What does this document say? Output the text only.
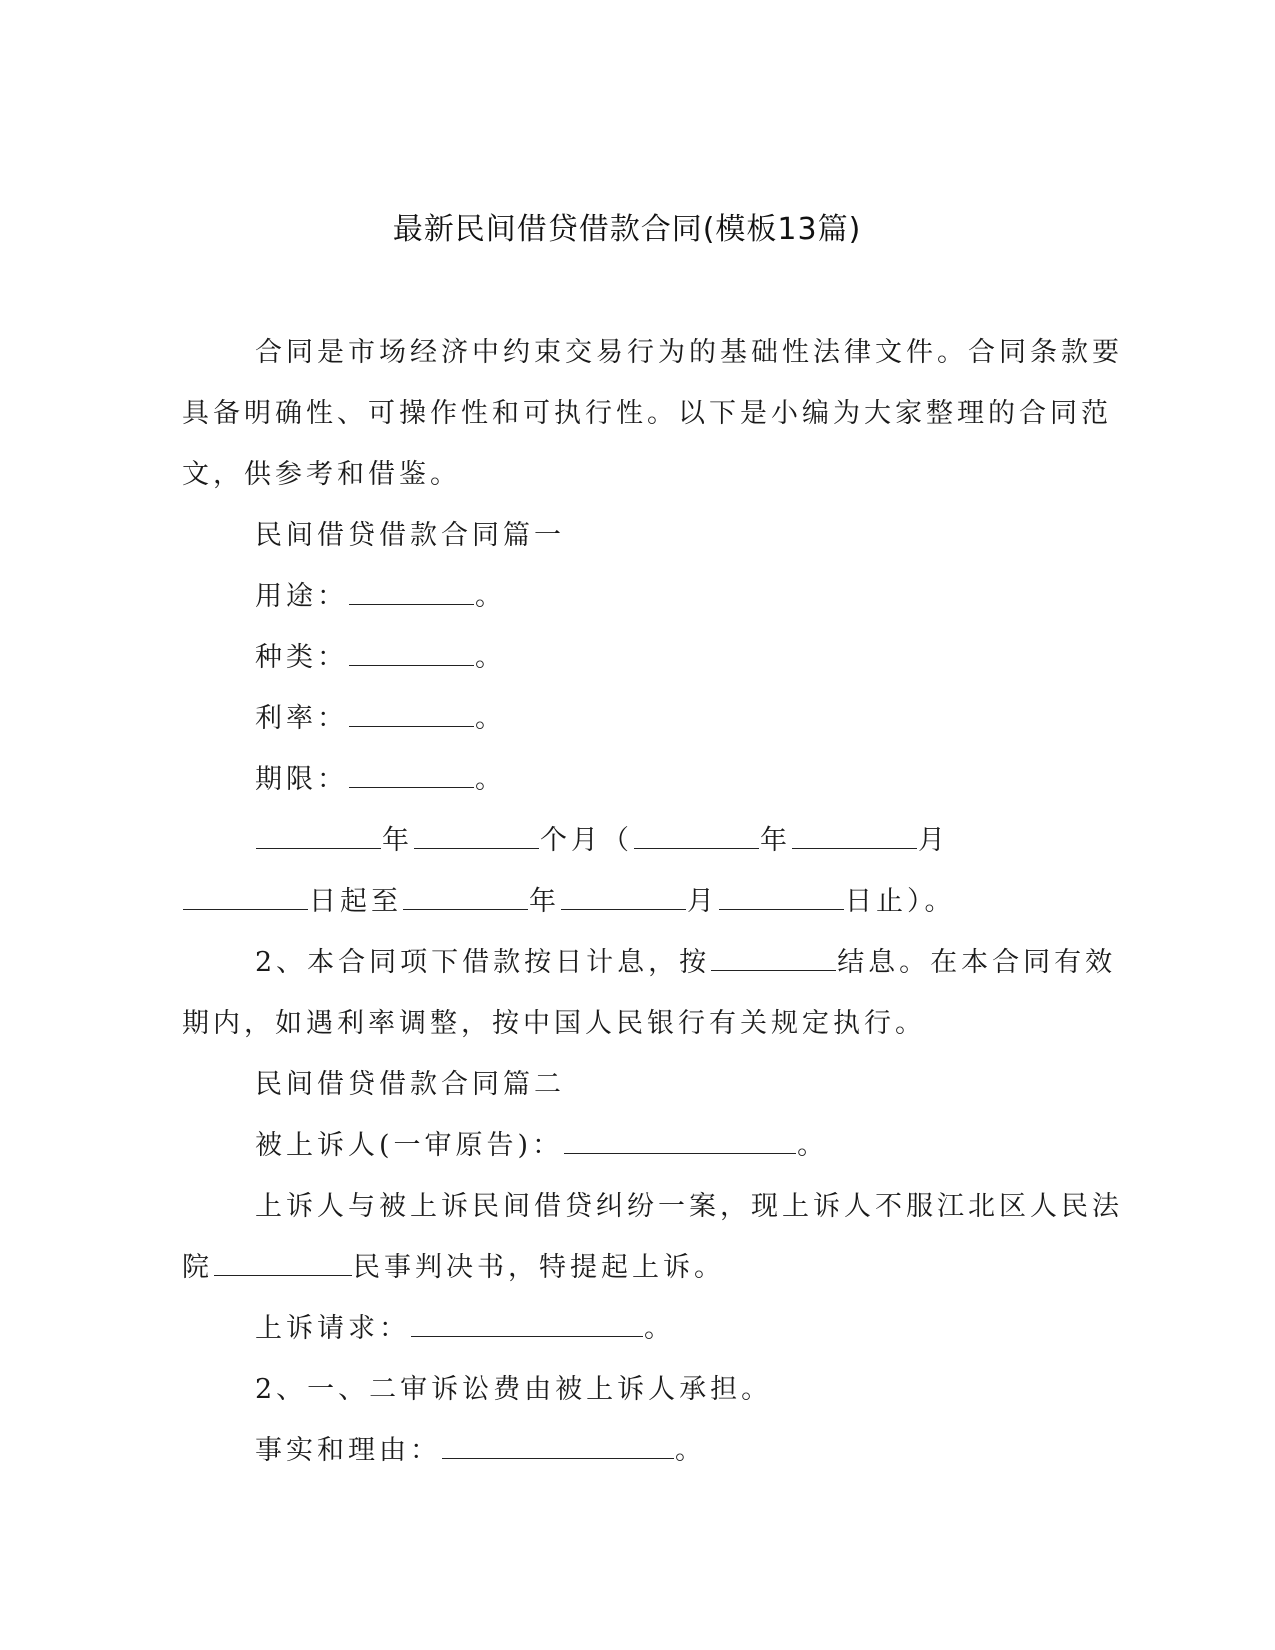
最新民间借贷借款合同(模板13篇)
合同是市场经济中约束交易行为的基础性法律文件。合同条款要
具备明确性、可操作性和可执行性。以下是小编为大家整理的合同范
文，供参考和借鉴。
民间借贷借款合同篇一
用途：	。
种类：	。
利率：	。
期限：	。
年	个月（	年	月
日起至	年	月	日止）。
2、本合同项下借款按日计息，按	结息。在本合同有效
期内，如遇利率调整，按中国人民银行有关规定执行。
民间借贷借款合同篇二
被上诉人(一审原告)：	。
上诉人与被上诉民间借贷纠纷一案，现上诉人不服江北区人民法
院	民事判决书，特提起上诉。
上诉请求：	。
2、一、二审诉讼费由被上诉人承担。
事实和理由：	。
